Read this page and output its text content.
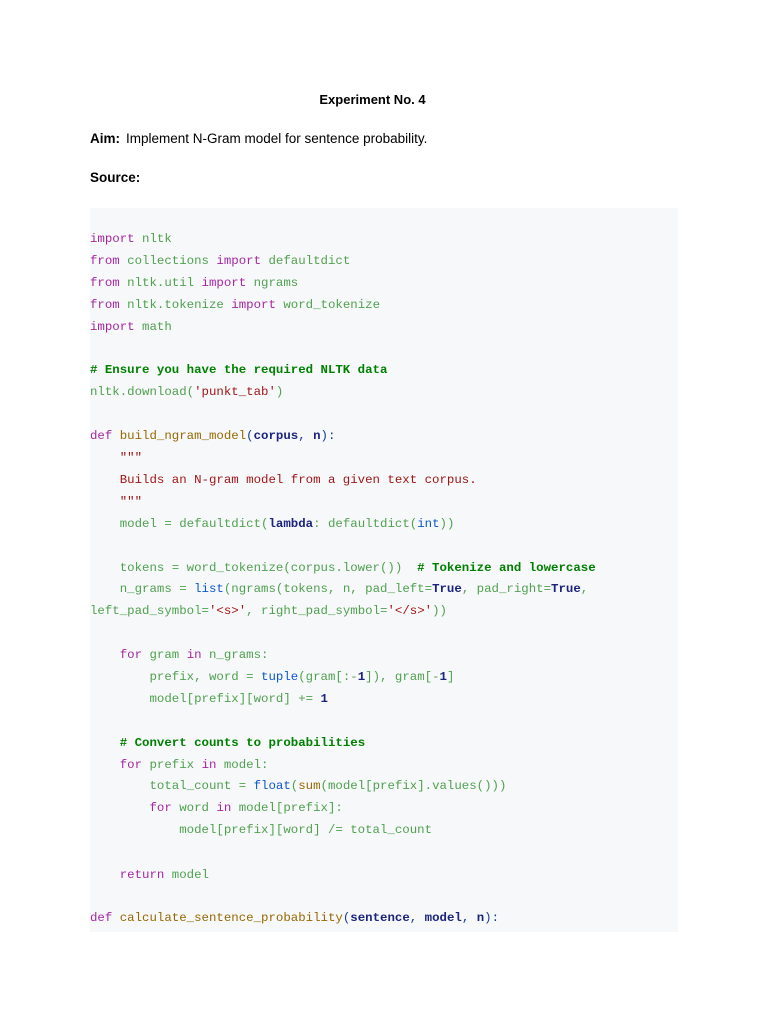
Experiment No. 4
Aim: Implement N-Gram model for sentence probability.
Source:
import nltk
from collections import defaultdict
from nltk.util import ngrams
from nltk.tokenize import word_tokenize
import math
# Ensure you have the required NLTK data
nltk.download('punkt_tab')
def build_ngram_model(corpus, n):
"""
Builds an N-gram model from a given text corpus.
"""
model = defaultdict(lambda: defaultdict(int))
tokens = word_tokenize(corpus.lower())  # Tokenize and lowercase
n_grams = list(ngrams(tokens, n, pad_left=True, pad_right=True,
left_pad_symbol='<s>', right_pad_symbol='</s>'))
for gram in n_grams:
prefix, word = tuple(gram[:-1]), gram[-1]
model[prefix][word] += 1
# Convert counts to probabilities
for prefix in model:
total_count = float(sum(model[prefix].values()))
for word in model[prefix]:
model[prefix][word] /= total_count
return model
def calculate_sentence_probability(sentence, model, n):
